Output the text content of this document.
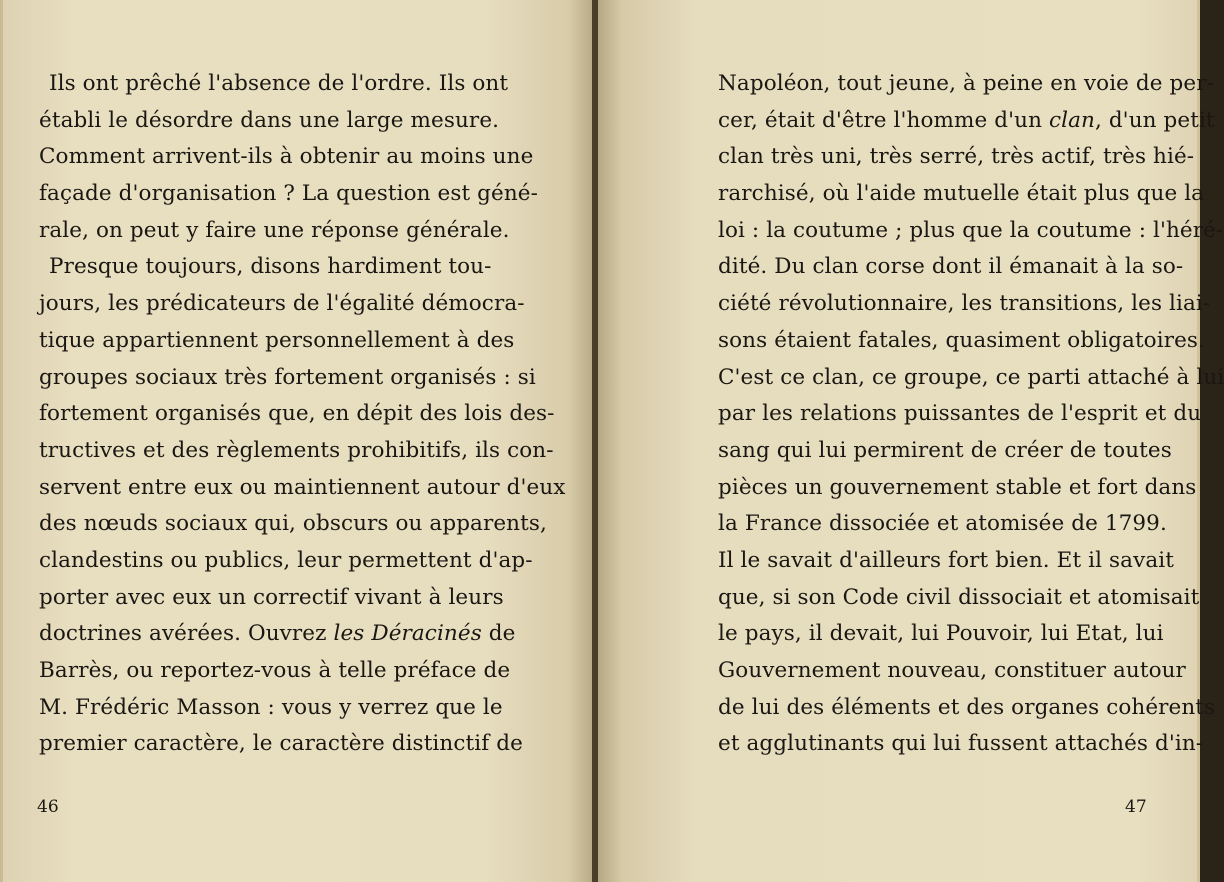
Ils ont prêché l'absence de l'ordre. Ils ont
établi le désordre dans une large mesure.
Comment arrivent-ils à obtenir au moins une
façade d'organisation ? La question est géné-
rale, on peut y faire une réponse générale.
Presque toujours, disons hardiment tou-
jours, les prédicateurs de l'égalité démocra-
tique appartiennent personnellement à des
groupes sociaux très fortement organisés : si
fortement organisés que, en dépit des lois des-
tructives et des règlements prohibitifs, ils con-
servent entre eux ou maintiennent autour d'eux
des nœuds sociaux qui, obscurs ou apparents,
clandestins ou publics, leur permettent d'ap-
porter avec eux un correctif vivant à leurs
doctrines avérées. Ouvrez les Déracinés de
Barrès, ou reportez-vous à telle préface de
M. Frédéric Masson : vous y verrez que le
premier caractère, le caractère distinctif de
46
Napoléon, tout jeune, à peine en voie de per-
cer, était d'être l'homme d'un clan, d'un petit
clan très uni, très serré, très actif, très hié-
rarchisé, où l'aide mutuelle était plus que la
loi : la coutume ; plus que la coutume : l'héré-
dité. Du clan corse dont il émanait à la so-
ciété révolutionnaire, les transitions, les liai-
sons étaient fatales, quasiment obligatoires.
C'est ce clan, ce groupe, ce parti attaché à lui
par les relations puissantes de l'esprit et du
sang qui lui permirent de créer de toutes
pièces un gouvernement stable et fort dans
la France dissociée et atomisée de 1799.
Il le savait d'ailleurs fort bien. Et il savait
que, si son Code civil dissociait et atomisait
le pays, il devait, lui Pouvoir, lui Etat, lui
Gouvernement nouveau, constituer autour
de lui des éléments et des organes cohérents
et agglutinants qui lui fussent attachés d'in-
47
